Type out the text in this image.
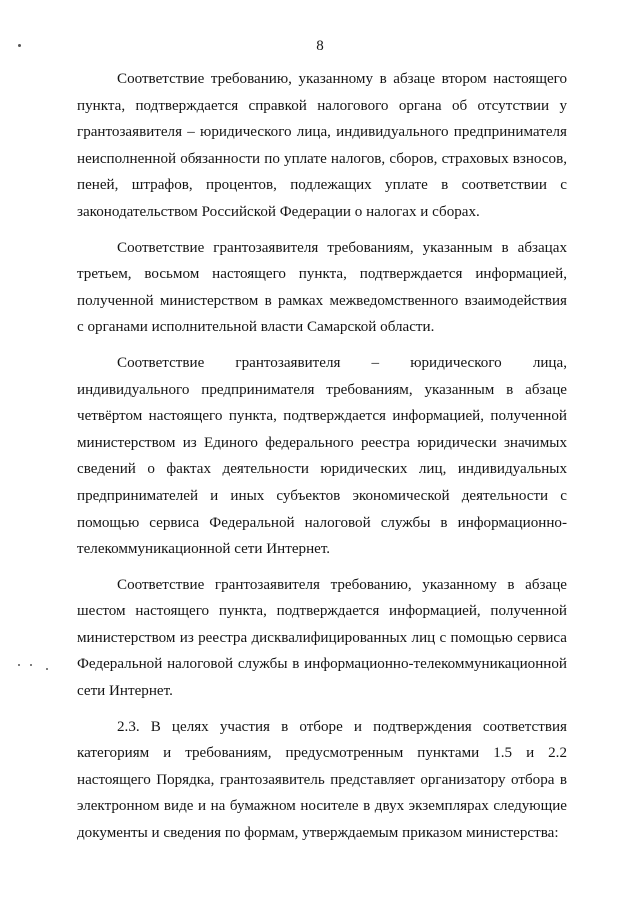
8
Соответствие требованию, указанному в абзаце втором настоящего
пункта, подтверждается справкой налогового органа об отсутствии у
грантозаявителя – юридического лица, индивидуального предпринимателя
неисполненной обязанности по уплате налогов, сборов, страховых взносов,
пеней, штрафов, процентов, подлежащих уплате в соответствии с
законодательством Российской Федерации о налогах и сборах.
Соответствие грантозаявителя требованиям, указанным в абзацах
третьем, восьмом настоящего пункта, подтверждается информацией,
полученной министерством в рамках межведомственного взаимодействия
с органами исполнительной власти Самарской области.
Соответствие грантозаявителя – юридического лица,
индивидуального предпринимателя требованиям, указанным в абзаце
четвёртом настоящего пункта, подтверждается информацией, полученной
министерством из Единого федерального реестра юридически значимых
сведений о фактах деятельности юридических лиц, индивидуальных
предпринимателей и иных субъектов экономической деятельности с
помощью сервиса Федеральной налоговой службы в информационно-
телекоммуникационной сети Интернет.
Соответствие грантозаявителя требованию, указанному в абзаце
шестом настоящего пункта, подтверждается информацией, полученной
министерством из реестра дисквалифицированных лиц с помощью сервиса
Федеральной налоговой службы в информационно-телекоммуникационной
сети Интернет.
2.3. В целях участия в отборе и подтверждения соответствия
категориям и требованиям, предусмотренным пунктами 1.5 и 2.2
настоящего Порядка, грантозаявитель представляет организатору отбора в
электронном виде и на бумажном носителе в двух экземплярах следующие
документы и сведения по формам, утверждаемым приказом министерства:
